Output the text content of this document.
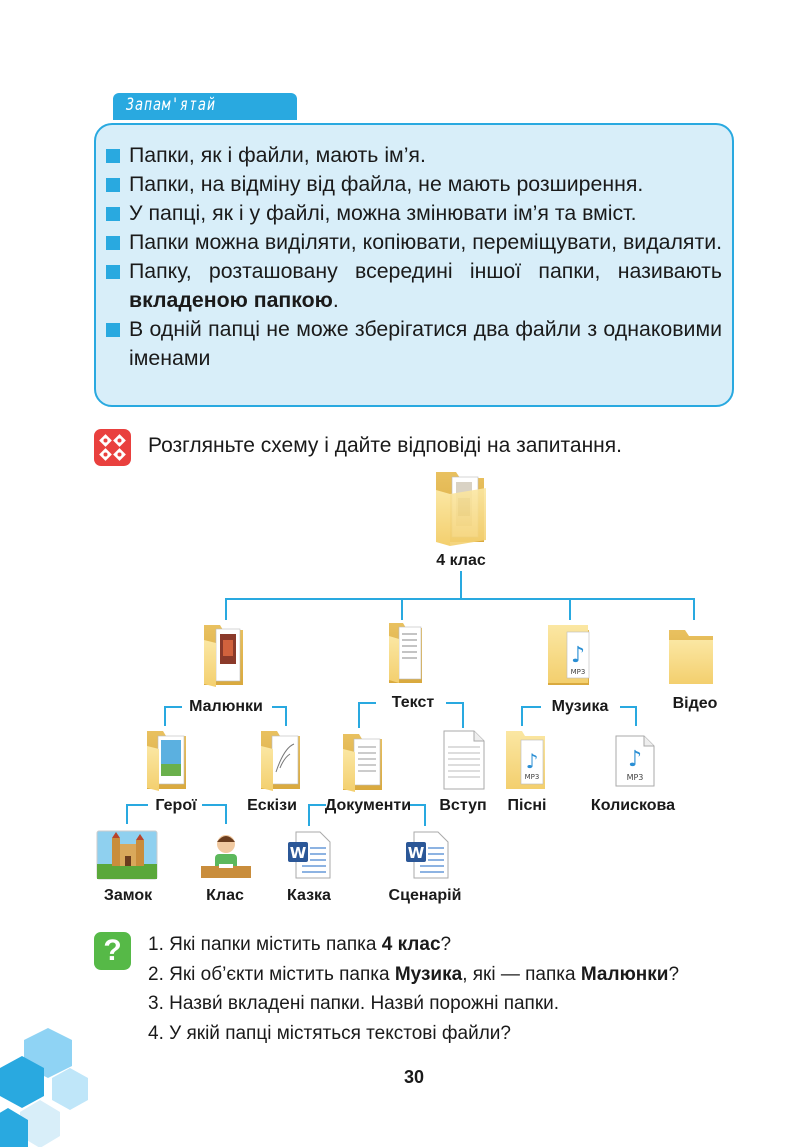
Запам'ятай
Папки, як і файли, мають ім’я.
Папки, на відміну від файла, не мають розширення.
У папці, як і у файлі, можна змінювати ім’я та вміст.
Папки можна виділяти, копіювати, переміщувати, видаляти.
Папку, розташовану всередині іншої папки, називають вкладеною папкою.
В одній папці не може зберігатися два файли з однаковими іменами
Розгляньте схему і дайте відповіді на запитання.
4 клас
Малюнки	Текст
♪
MP3
Музика	Відео
Герої	Ескізи Документи Вступ
♪
MP3
Пісні
♪
MP3
Колискова
Замок	Клас
W
Казка
W
Сценарій
?	1. Які папки містить папка 4 клас?
2. Які об’єкти містить папка Музика, які — папка Малюнки?
3. Назви́ вкладені папки. Назви́ порожні папки.
4. У якій папці містяться текстові файли?
30
